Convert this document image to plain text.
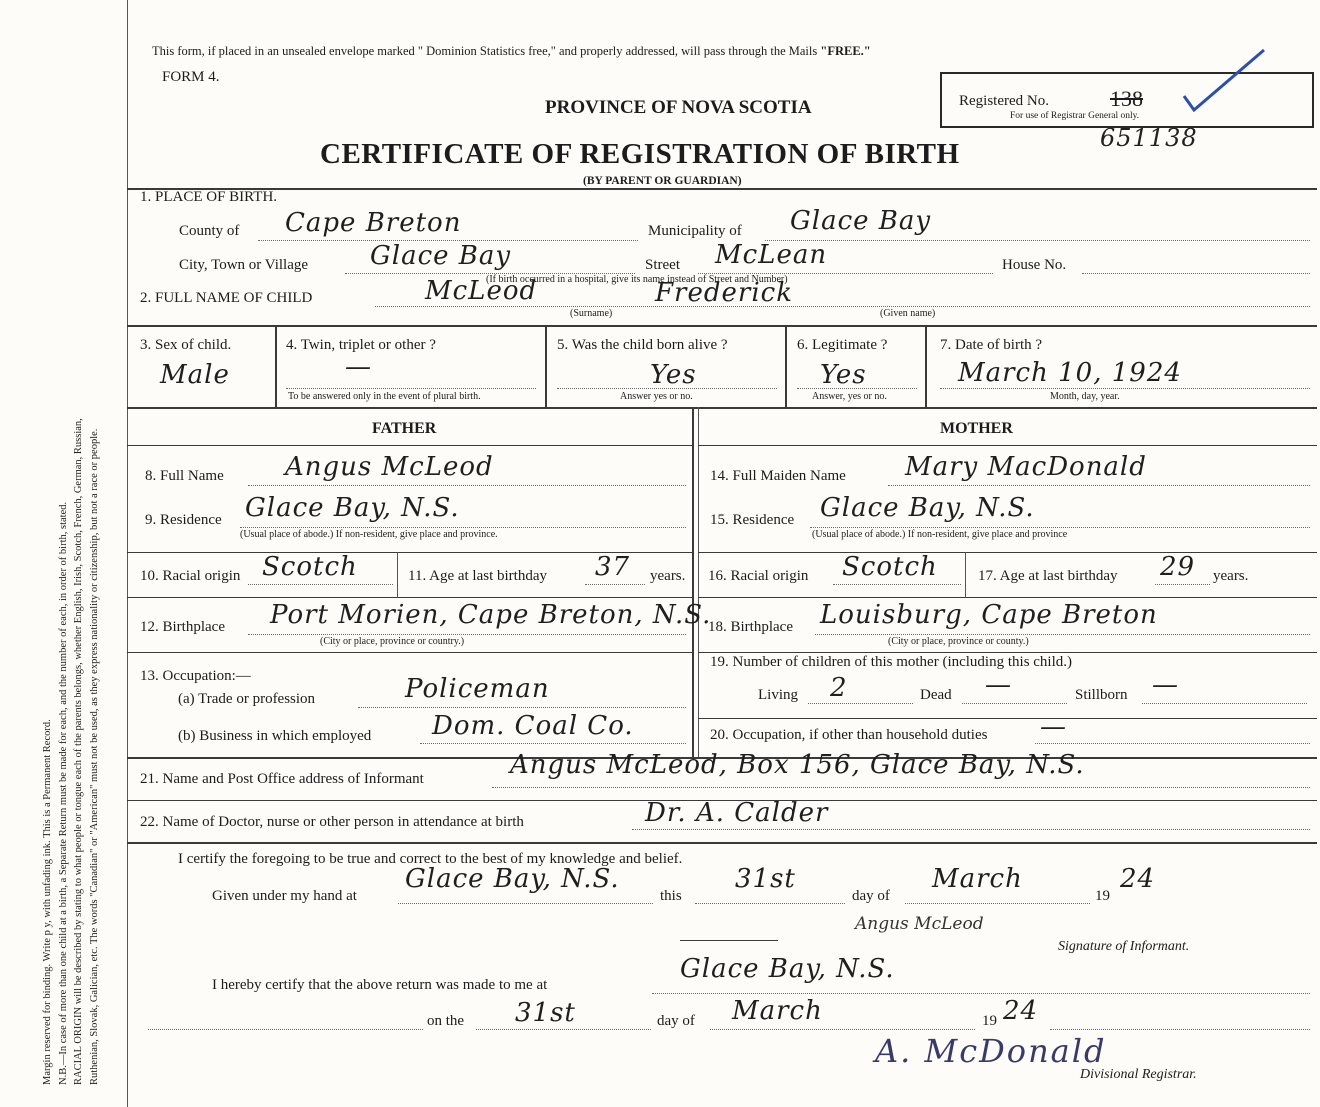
Margin reserved for binding. Write p y, with unfading ink. This is a Permanent Record. N.B.—In case of more than one child at a birth, a Separate Return must be made for each, and the number of each, in order of birth, stated. RACIAL ORIGIN will be described by stating to what people or tongue each of the parents belongs, whether English, Irish, Scotch, French, German, Russian, Ruthenian, Slovak, Galician, etc. The words "Canadian" or "American" must not be used, as they express nationality or citizenship, but not a race or people.
This form, if placed in an unsealed envelope marked " Dominion Statistics free," and properly addressed, will pass through the Mails "FREE."
FORM 4.
PROVINCE OF NOVA SCOTIA
CERTIFICATE OF REGISTRATION OF BIRTH
(BY PARENT OR GUARDIAN)
Registered No.	138
For use of Registrar General only.
651138
1. PLACE OF BIRTH.
County of Cape Breton	Municipality of Glace Bay
City, Town or Village Glace Bay	Street McLean
(If birth occurred in a hospital, give its name instead of Street and Number)
House No.
2. FULL NAME OF CHILD	McLeod	Frederick
(Surname)	(Given name)
3. Sex of child.
Male
4. Twin, triplet or other ?
—
To be answered only in the event of plural birth.
5. Was the child born alive ?
Yes
Answer yes or no.
6. Legitimate ?
Yes
Answer, yes or no.
7. Date of birth ?
March 10, 1924
Month, day, year.
FATHER	MOTHER
8. Full Name Angus McLeod
9. Residence Glace Bay, N.S.
(Usual place of abode.) If non-resident, give place and province.
10. Racial origin Scotch	11. Age at last birthday 37 years.
12. Birthplace Port Morien, Cape Breton, N.S.
(City or place, province or country.)
13. Occupation:—
(a) Trade or profession	Policeman
(b) Business in which employed Dom. Coal Co.
14. Full Maiden Name Mary MacDonald
15. Residence Glace Bay, N.S.
(Usual place of abode.) If non-resident, give place and province
16. Racial origin Scotch	17. Age at last birthday 29 years.
18. Birthplace Louisburg, Cape Breton
(City or place, province or county.)
19. Number of children of this mother (including this child.)
Living 2	Dead —	Stillborn —
20. Occupation, if other than household duties —
21. Name and Post Office address of Informant	Angus McLeod, Box 156, Glace Bay, N.S.
22. Name of Doctor, nurse or other person in attendance at birth	Dr. A. Calder
I certify the foregoing to be true and correct to the best of my knowledge and belief.
Given under my hand at
Glace Bay, N.S.
this
31st
day of
March
19
24
Angus McLeod
Signature of Informant.
I hereby certify that the above return was made to me at
Glace Bay, N.S.
on the 31st	day of March	19 24
A. McDonald
Divisional Registrar.
